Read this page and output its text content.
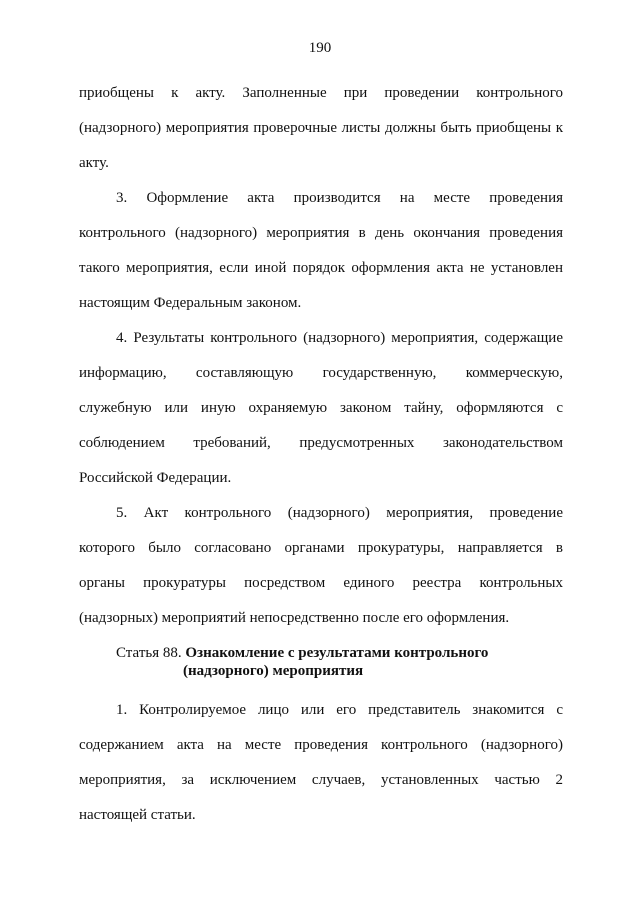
190
приобщены к акту. Заполненные при проведении контрольного
(надзорного) мероприятия проверочные листы должны быть приобщены к
акту.
3. Оформление акта производится на месте проведения
контрольного (надзорного) мероприятия в день окончания проведения
такого мероприятия, если иной порядок оформления акта не установлен
настоящим Федеральным законом.
4. Результаты контрольного (надзорного) мероприятия, содержащие
информацию, составляющую государственную, коммерческую,
служебную или иную охраняемую законом тайну, оформляются с
соблюдением требований, предусмотренных законодательством
Российской Федерации.
5. Акт контрольного (надзорного) мероприятия, проведение
которого было согласовано органами прокуратуры, направляется в
органы прокуратуры посредством единого реестра контрольных
(надзорных) мероприятий непосредственно после его оформления.
Статья 88. Ознакомление с результатами контрольного
(надзорного) мероприятия
1. Контролируемое лицо или его представитель знакомится с
содержанием акта на месте проведения контрольного (надзорного)
мероприятия, за исключением случаев, установленных частью 2
настоящей статьи.
